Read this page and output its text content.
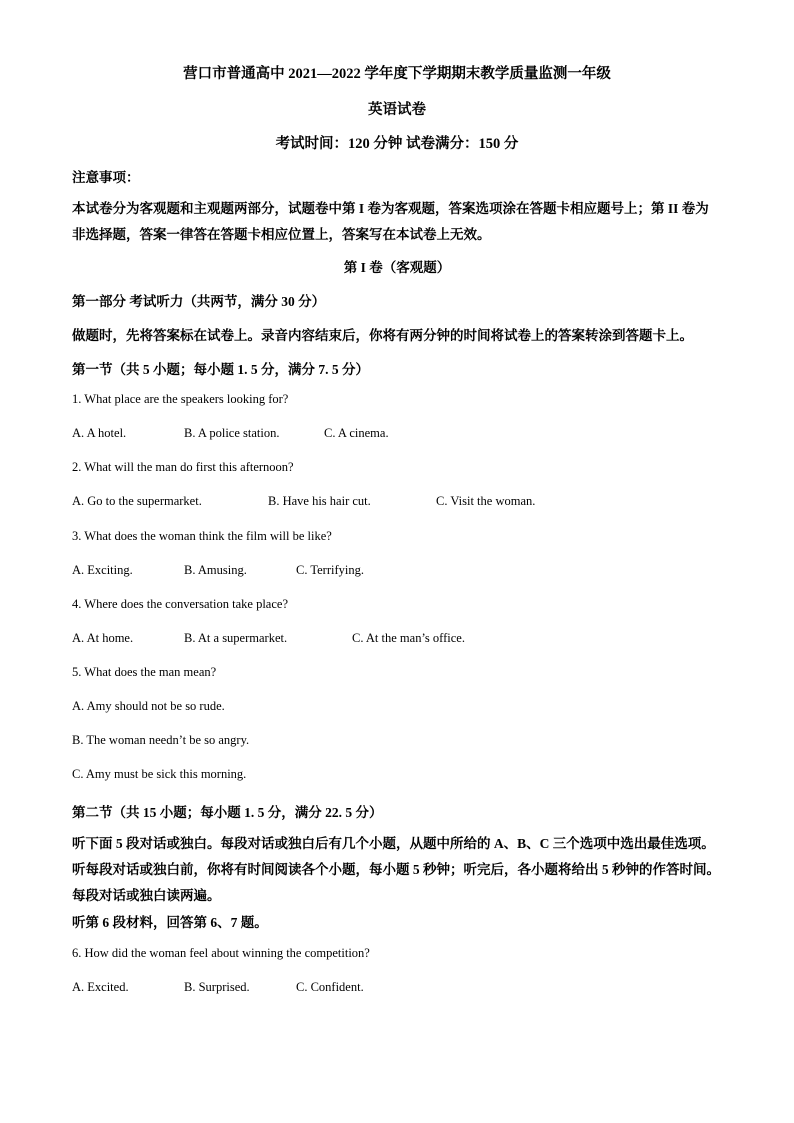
营口市普通高中 2021—2022 学年度下学期期末教学质量监测一年级
英语试卷
考试时间：120 分钟 试卷满分：150 分
注意事项：
本试卷分为客观题和主观题两部分，试题卷中第 I 卷为客观题，答案选项涂在答题卡相应题号上；第 II 卷为非选择题，答案一律答在答题卡相应位置上，答案写在本试卷上无效。
第 I 卷（客观题）
第一部分 考试听力（共两节，满分 30 分）
做题时，先将答案标在试卷上。录音内容结束后，你将有两分钟的时间将试卷上的答案转涂到答题卡上。
第一节（共 5 小题；每小题 1. 5 分，满分 7. 5 分）
1. What place are the speakers looking for?
A. A hotel.	B. A police station.	C. A cinema.
2. What will the man do first this afternoon?
A. Go to the supermarket.	B. Have his hair cut.	C. Visit the woman.
3. What does the woman think the film will be like?
A. Exciting.	B. Amusing.	C. Terrifying.
4. Where does the conversation take place?
A. At home.	B. At a supermarket.	C. At the man’s office.
5. What does the man mean?
A. Amy should not be so rude.
B. The woman needn’t be so angry.
C. Amy must be sick this morning.
第二节（共 15 小题；每小题 1. 5 分，满分 22. 5 分）
听下面 5 段对话或独白。每段对话或独白后有几个小题，从题中所给的 A、B、C 三个选项中选出最佳选项。听每段对话或独白前，你将有时间阅读各个小题，每小题 5 秒钟；听完后，各小题将给出 5 秒钟的作答时间。每段对话或独白读两遍。
听第 6 段材料，回答第 6、7 题。
6. How did the woman feel about winning the competition?
A. Excited.	B. Surprised.	C. Confident.
